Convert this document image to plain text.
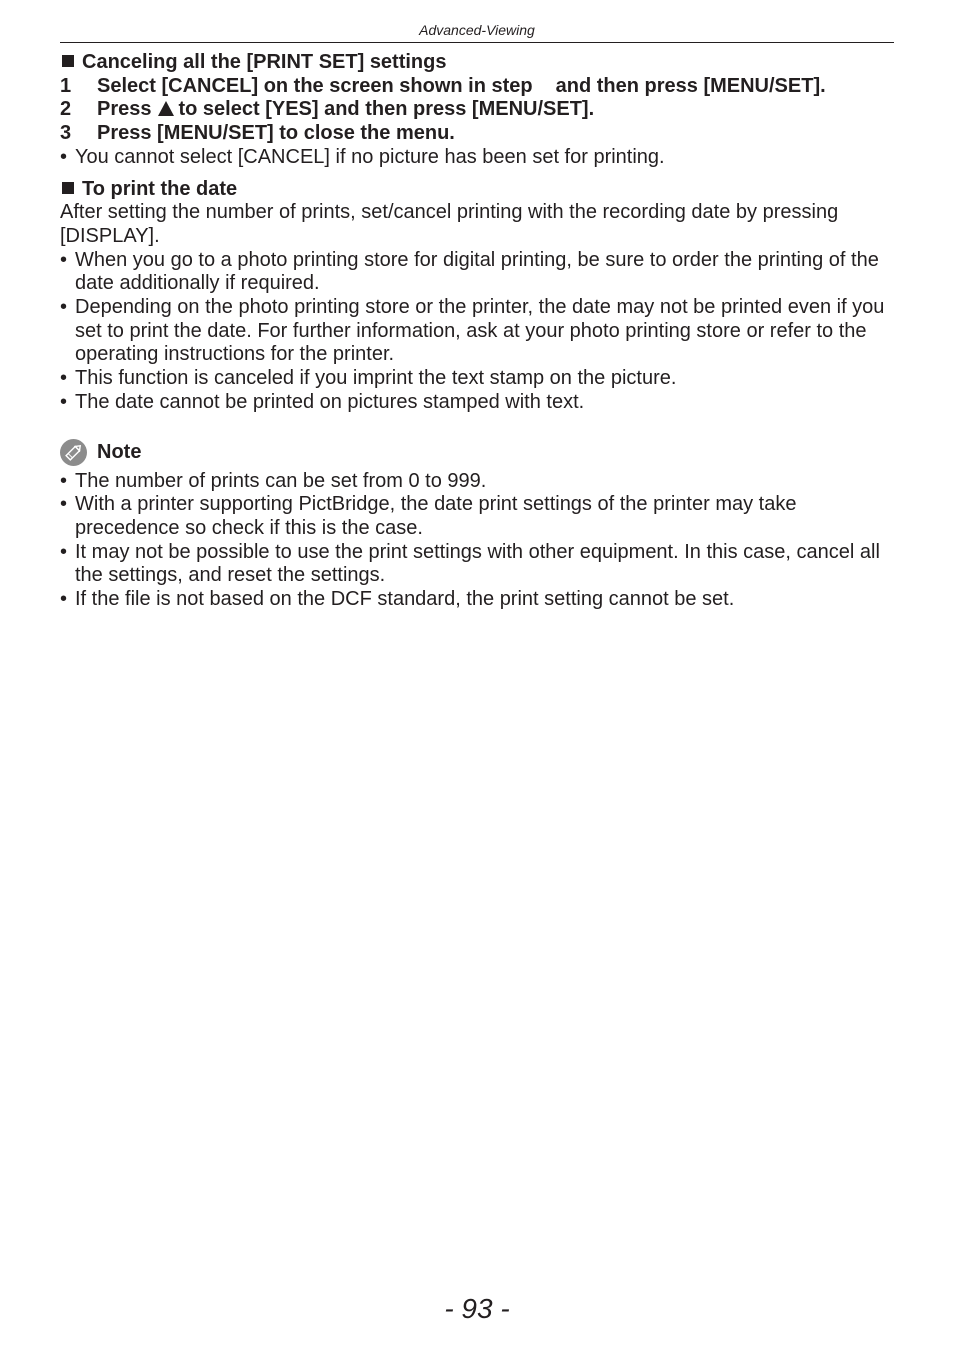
Advanced-Viewing
Canceling all the [PRINT SET] settings
1	Select [CANCEL] on the screen shown in step and then press [MENU/SET].
2	Press to select [YES] and then press [MENU/SET].
3	Press [MENU/SET] to close the menu.
• You cannot select [CANCEL] if no picture has been set for printing.
To print the date
After setting the number of prints, set/cancel printing with the recording date by pressing [DISPLAY].
• When you go to a photo printing store for digital printing, be sure to order the printing of the date additionally if required.
• Depending on the photo printing store or the printer, the date may not be printed even if you set to print the date. For further information, ask at your photo printing store or refer to the operating instructions for the printer.
• This function is canceled if you imprint the text stamp on the picture.
• The date cannot be printed on pictures stamped with text.
Note
• The number of prints can be set from 0 to 999.
• With a printer supporting PictBridge, the date print settings of the printer may take precedence so check if this is the case.
• It may not be possible to use the print settings with other equipment. In this case, cancel all the settings, and reset the settings.
• If the file is not based on the DCF standard, the print setting cannot be set.
- 93 -
